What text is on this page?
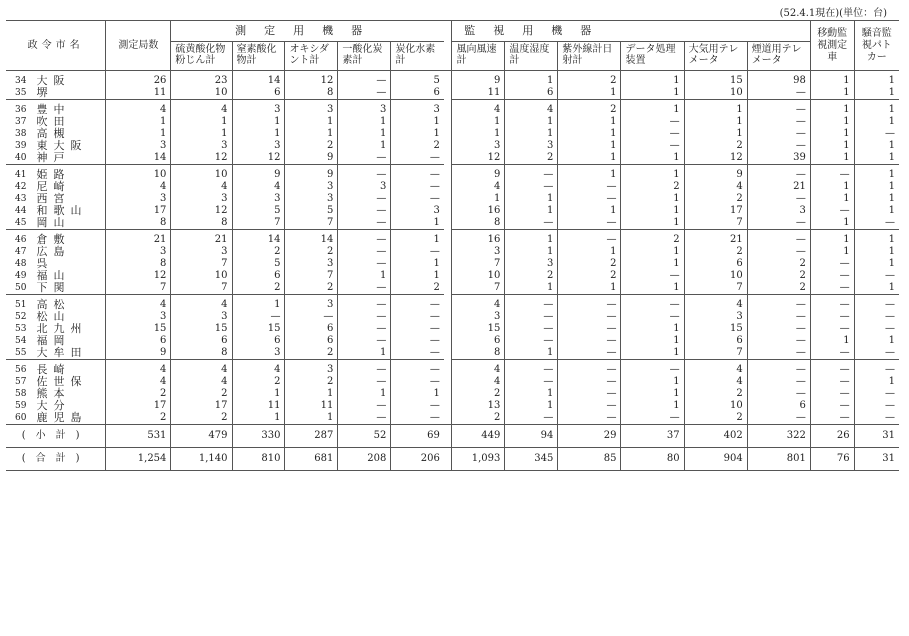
(52.4.1現在)(単位：台)
政令市名		測定局数	測定用機器						監視用機器						移動監視測定車	騒音監視パトカー
			硫黄酸化物粉じん計	窒素酸化物計	オキシダント計	一酸化炭素計	炭化水素計		風向風速計	温度湿度計	紫外線計日射計	データ処理装置	大気用テレメータ	煙道用テレメータ		
34	大阪	26	23	14	12	—	5		9	1	2	1	15	98	1	1
35	堺	11	10	6	8	—	6		11	6	1	1	10	—	1	1
36	豊中	4	4	3	3	3	3		4	4	2	1	1	—	1	1
37	吹田	1	1	1	1	1	1		1	1	1	—	1	—	1	1
38	高槻	1	1	1	1	1	1		1	1	1	—	1	—	1	—
39	東大阪	3	3	3	2	1	2		3	3	1	—	2	—	1	1
40	神戸	14	12	12	9	—	—		12	2	1	1	12	39	1	1
41	姫路	10	10	9	9	—	—		9	—	1	1	9	—	—	1
42	尼崎	4	4	4	3	3	—		4	—	—	2	4	21	1	1
43	西宮	3	3	3	3	—	—		1	1	—	1	2	—	1	1
44	和歌山	17	12	5	5	—	3		16	1	1	1	17	3	—	1
45	岡山	8	8	7	7	—	1		8	—	—	1	7	—	1	—
46	倉敷	21	21	14	14	—	1		16	1	—	2	21	—	1	1
47	広島	3	3	2	2	—	—		3	1	1	1	2	—	1	1
48	呉	8	7	5	3	—	1		7	3	2	1	6	2	—	1
49	福山	12	10	6	7	1	1		10	2	2	—	10	2	—	—
50	下関	7	7	2	2	—	2		7	1	1	1	7	2	—	1
51	高松	4	4	1	3	—	—		4	—	—	—	4	—	—	—
52	松山	3	3	—	—	—	—		3	—	—	—	3	—	—	—
53	北九州	15	15	15	6	—	—		15	—	—	1	15	—	—	—
54	福岡	6	6	6	6	—	—		6	—	—	1	6	—	1	1
55	大牟田	9	8	3	2	1	—		8	1	—	1	7	—	—	—
56	長崎	4	4	4	3	—	—		4	—	—	—	4	—	—	—
57	佐世保	4	4	2	2	—	—		4	—	—	1	4	—	—	1
58	熊本	2	2	1	1	1	1		2	1	—	1	2	—	—	—
59	大分	17	17	11	11	—	—		13	1	—	1	10	6	—	—
60	鹿児島	2	2	1	1	—	—		2	—	—	—	2	—	—	—
(小計)		531	479	330	287	52	69		449	94	29	37	402	322	26	31
(合計)		1,254	1,140	810	681	208	206		1,093	345	85	80	904	801	76	31
